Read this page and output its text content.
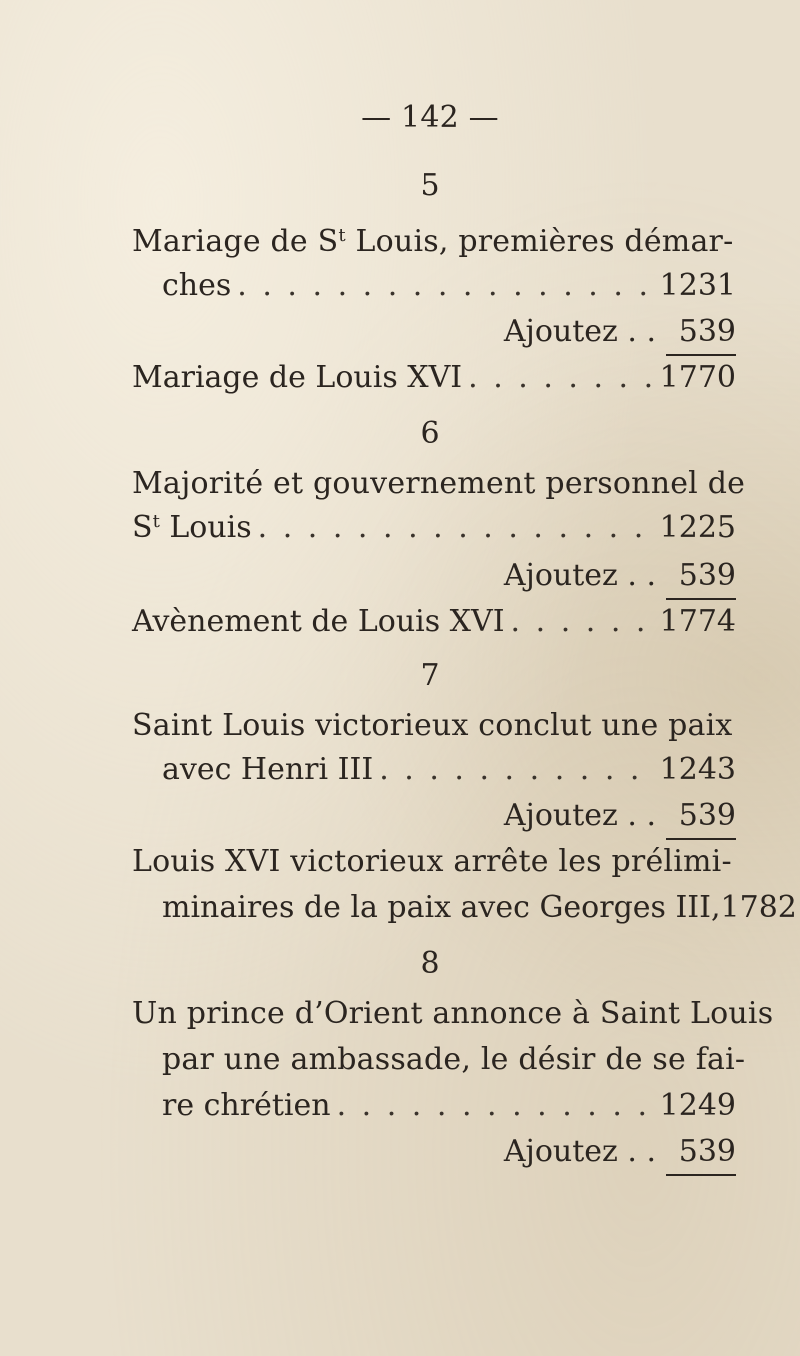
— 142 —
5
Mariage de $S^t$ Louis, premières démar-
ches . . .	1231
Ajoutez . . 539
Mariage de Louis XVI . . .	1770
6
Majorité et gouvernement personnel de
$S^t$ Louis . . .	1225
Ajoutez . . 539
Avènement de Louis XVI . . .	1774
7
Saint Louis victorieux conclut une paix
avec Henri III . . .	1243
Ajoutez . . 539
Louis XVI victorieux arrête les prélimi-
minaires de la paix avec Georges III, 1782
8
Un prince d’Orient annonce à Saint Louis
par une ambassade, le désir de se fai-
re chrétien . . .	1249
Ajoutez . . 539
